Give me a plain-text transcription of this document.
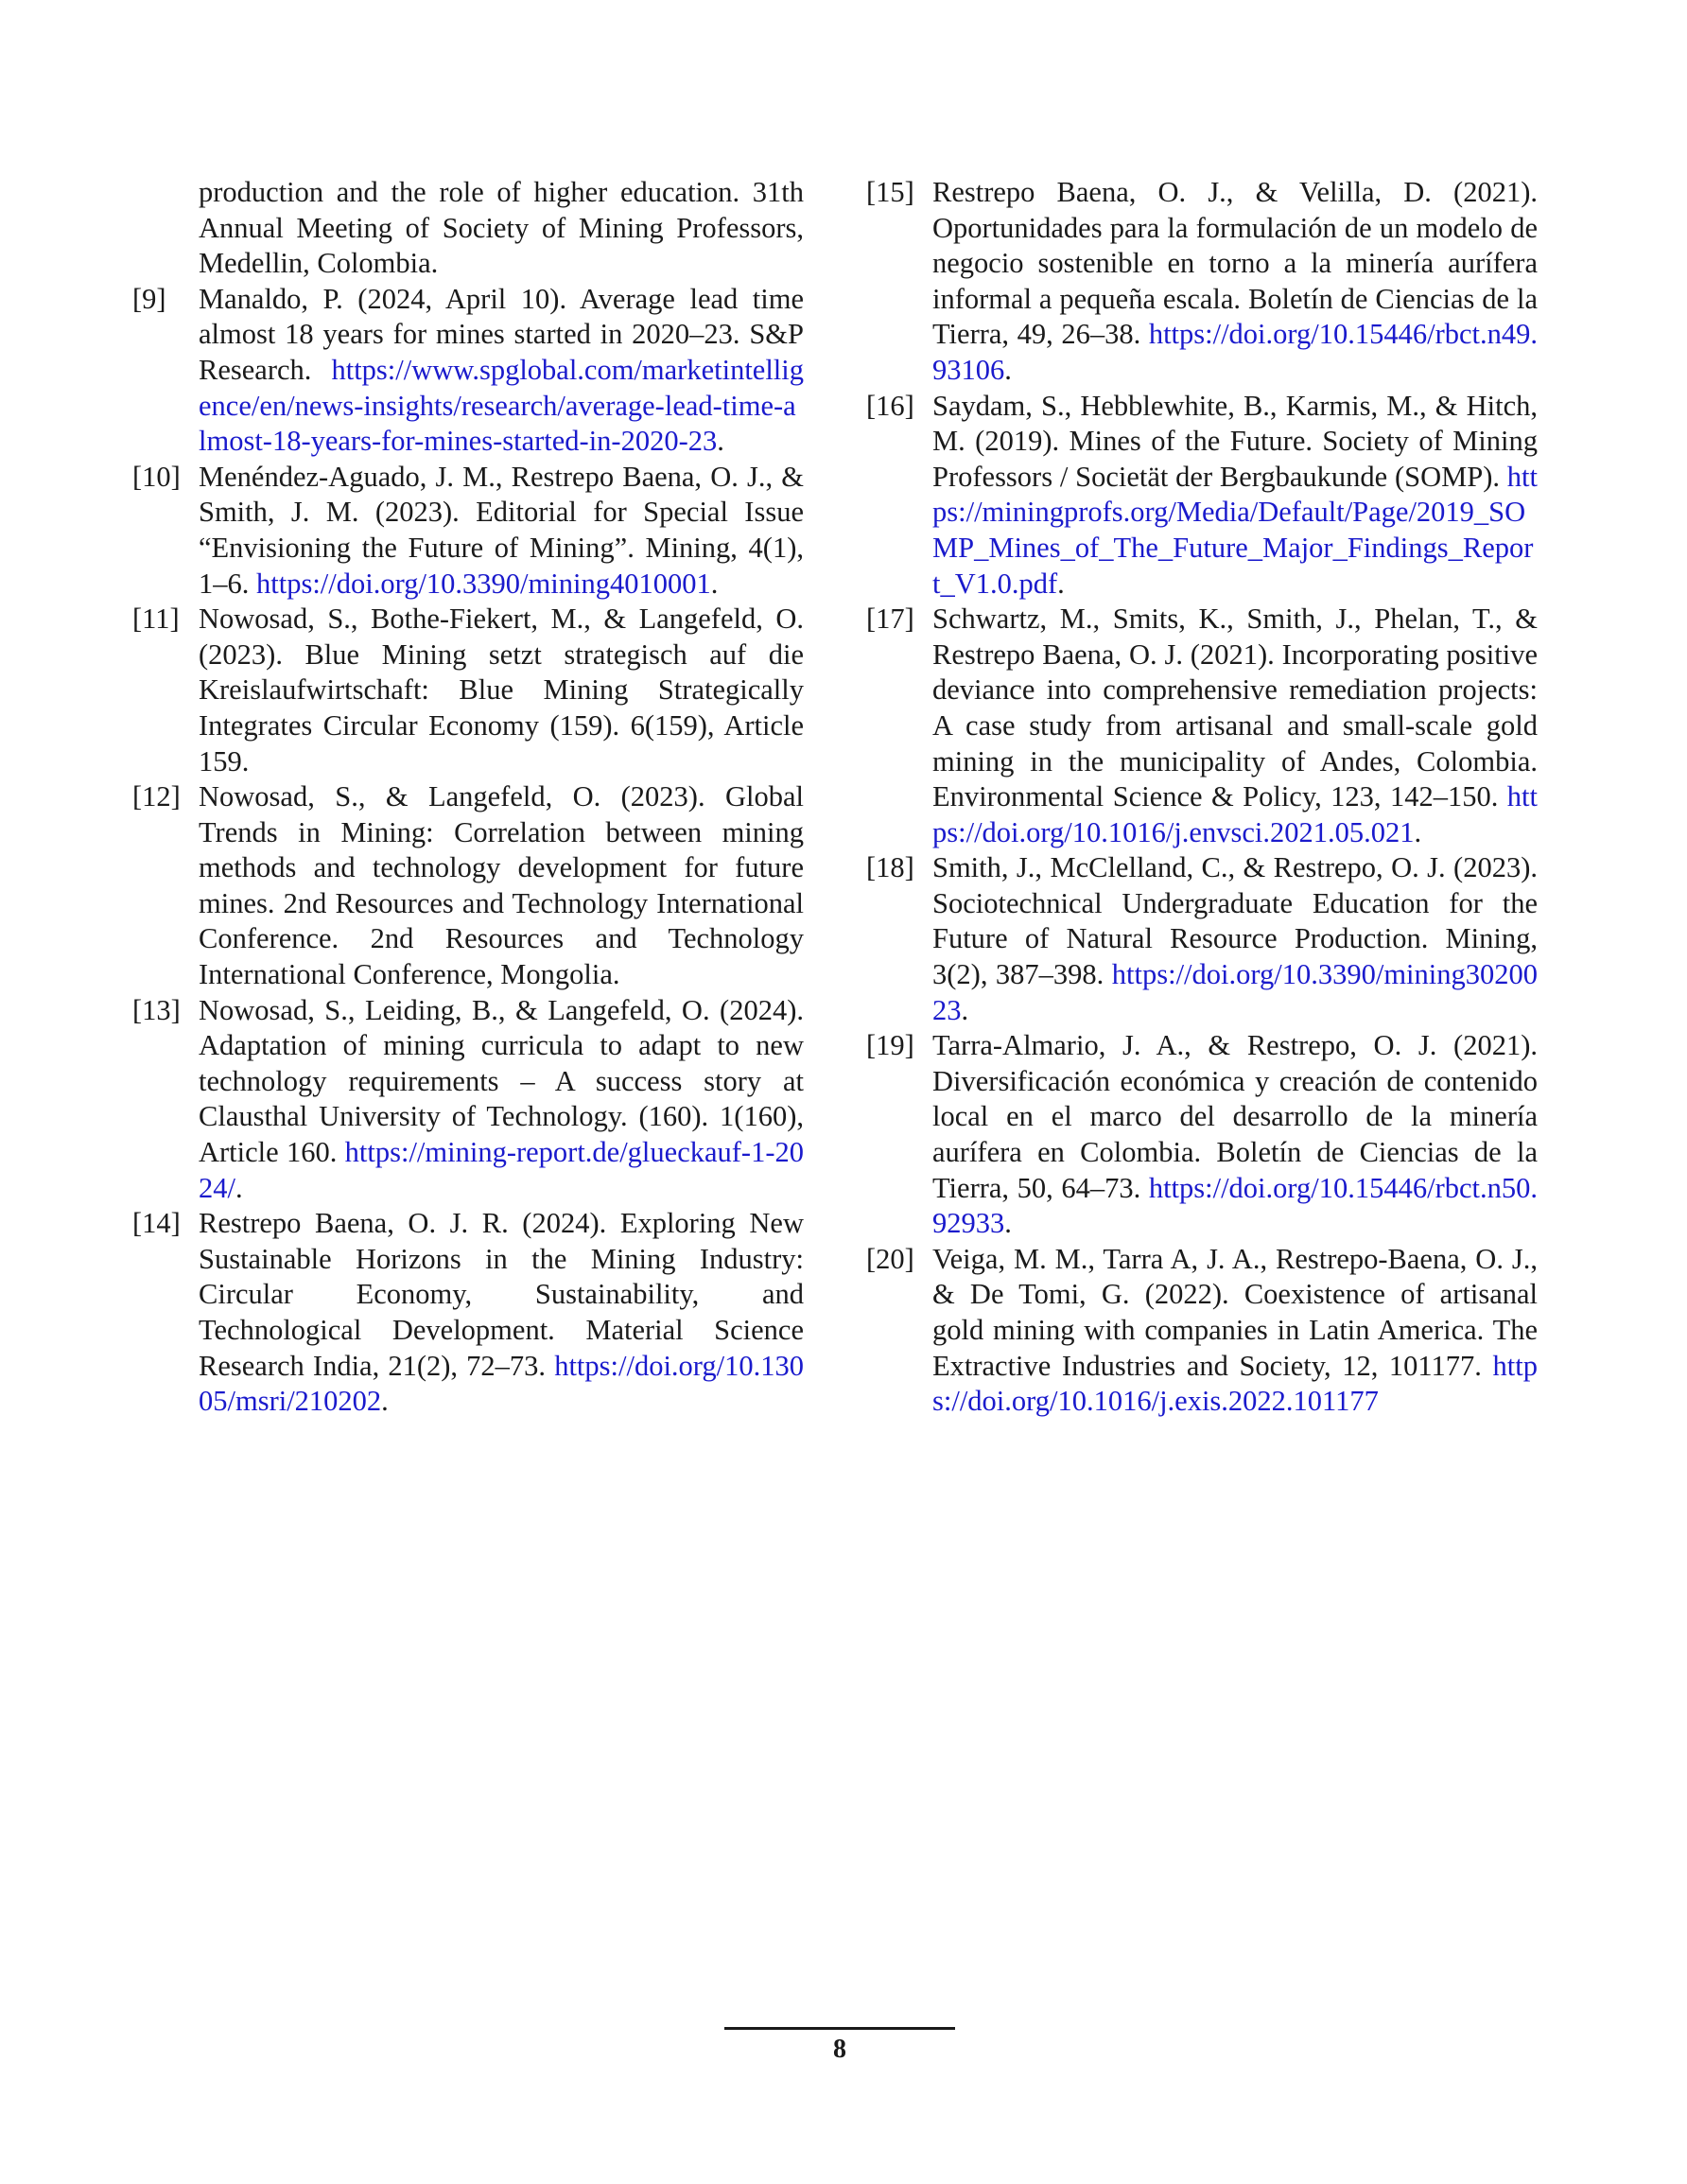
production and the role of higher education. 31th Annual Meeting of Society of Mining Professors, Medellin, Colombia.
[9]	Manaldo, P. (2024, April 10). Average lead time almost 18 years for mines started in 2020–23. S&P Research. https://www.spglobal.com/marketintelligence/en/news-insights/research/average-lead-time-almost-18-years-for-mines-started-in-2020-23.
[10] Menéndez-Aguado, J. M., Restrepo Baena, O. J., & Smith, J. M. (2023). Editorial for Special Issue “Envisioning the Future of Mining”. Mining, 4(1), 1–6. https://doi.org/10.3390/mining4010001.
[11] Nowosad, S., Bothe-Fiekert, M., & Langefeld, O. (2023). Blue Mining setzt strategisch auf die Kreislaufwirtschaft: Blue Mining Strategically Integrates Circular Economy (159). 6(159), Article 159.
[12] Nowosad, S., & Langefeld, O. (2023). Global Trends in Mining: Correlation between mining methods and technology development for future mines. 2nd Resources and Technology International Conference. 2nd Resources and Technology International Conference, Mongolia.
[13] Nowosad, S., Leiding, B., & Langefeld, O. (2024). Adaptation of mining curricula to adapt to new technology requirements – A success story at Clausthal University of Technology. (160). 1(160), Article 160. https://mining-report.de/glueckauf-1-2024/.
[14] Restrepo Baena, O. J. R. (2024). Exploring New Sustainable Horizons in the Mining Industry: Circular Economy, Sustainability, and Technological Development. Material Science Research India, 21(2), 72–73. https://doi.org/10.13005/msri/210202.
[15] Restrepo Baena, O. J., & Velilla, D. (2021). Oportunidades para la formulación de un modelo de negocio sostenible en torno a la minería aurífera informal a pequeña escala. Boletín de Ciencias de la Tierra, 49, 26–38. https://doi.org/10.15446/rbct.n49.93106.
[16] Saydam, S., Hebblewhite, B., Karmis, M., & Hitch, M. (2019). Mines of the Future. Society of Mining Professors / Societät der Bergbaukunde (SOMP). https://miningprofs.org/Media/Default/Page/2019_SOMP_Mines_of_The_Future_Major_Findings_Report_V1.0.pdf.
[17] Schwartz, M., Smits, K., Smith, J., Phelan, T., & Restrepo Baena, O. J. (2021). Incorporating positive deviance into comprehensive remediation projects: A case study from artisanal and small-scale gold mining in the municipality of Andes, Colombia. Environmental Science & Policy, 123, 142–150. https://doi.org/10.1016/j.envsci.2021.05.021.
[18] Smith, J., McClelland, C., & Restrepo, O. J. (2023). Sociotechnical Undergraduate Education for the Future of Natural Resource Production. Mining, 3(2), 387–398. https://doi.org/10.3390/mining3020023.
[19] Tarra-Almario, J. A., & Restrepo, O. J. (2021). Diversificación económica y creación de contenido local en el marco del desarrollo de la minería aurífera en Colombia. Boletín de Ciencias de la Tierra, 50, 64–73. https://doi.org/10.15446/rbct.n50.92933.
[20] Veiga, M. M., Tarra A, J. A., Restrepo-Baena, O. J., & De Tomi, G. (2022). Coexistence of artisanal gold mining with companies in Latin America. The Extractive Industries and Society, 12, 101177. https://doi.org/10.1016/j.exis.2022.101177
8
